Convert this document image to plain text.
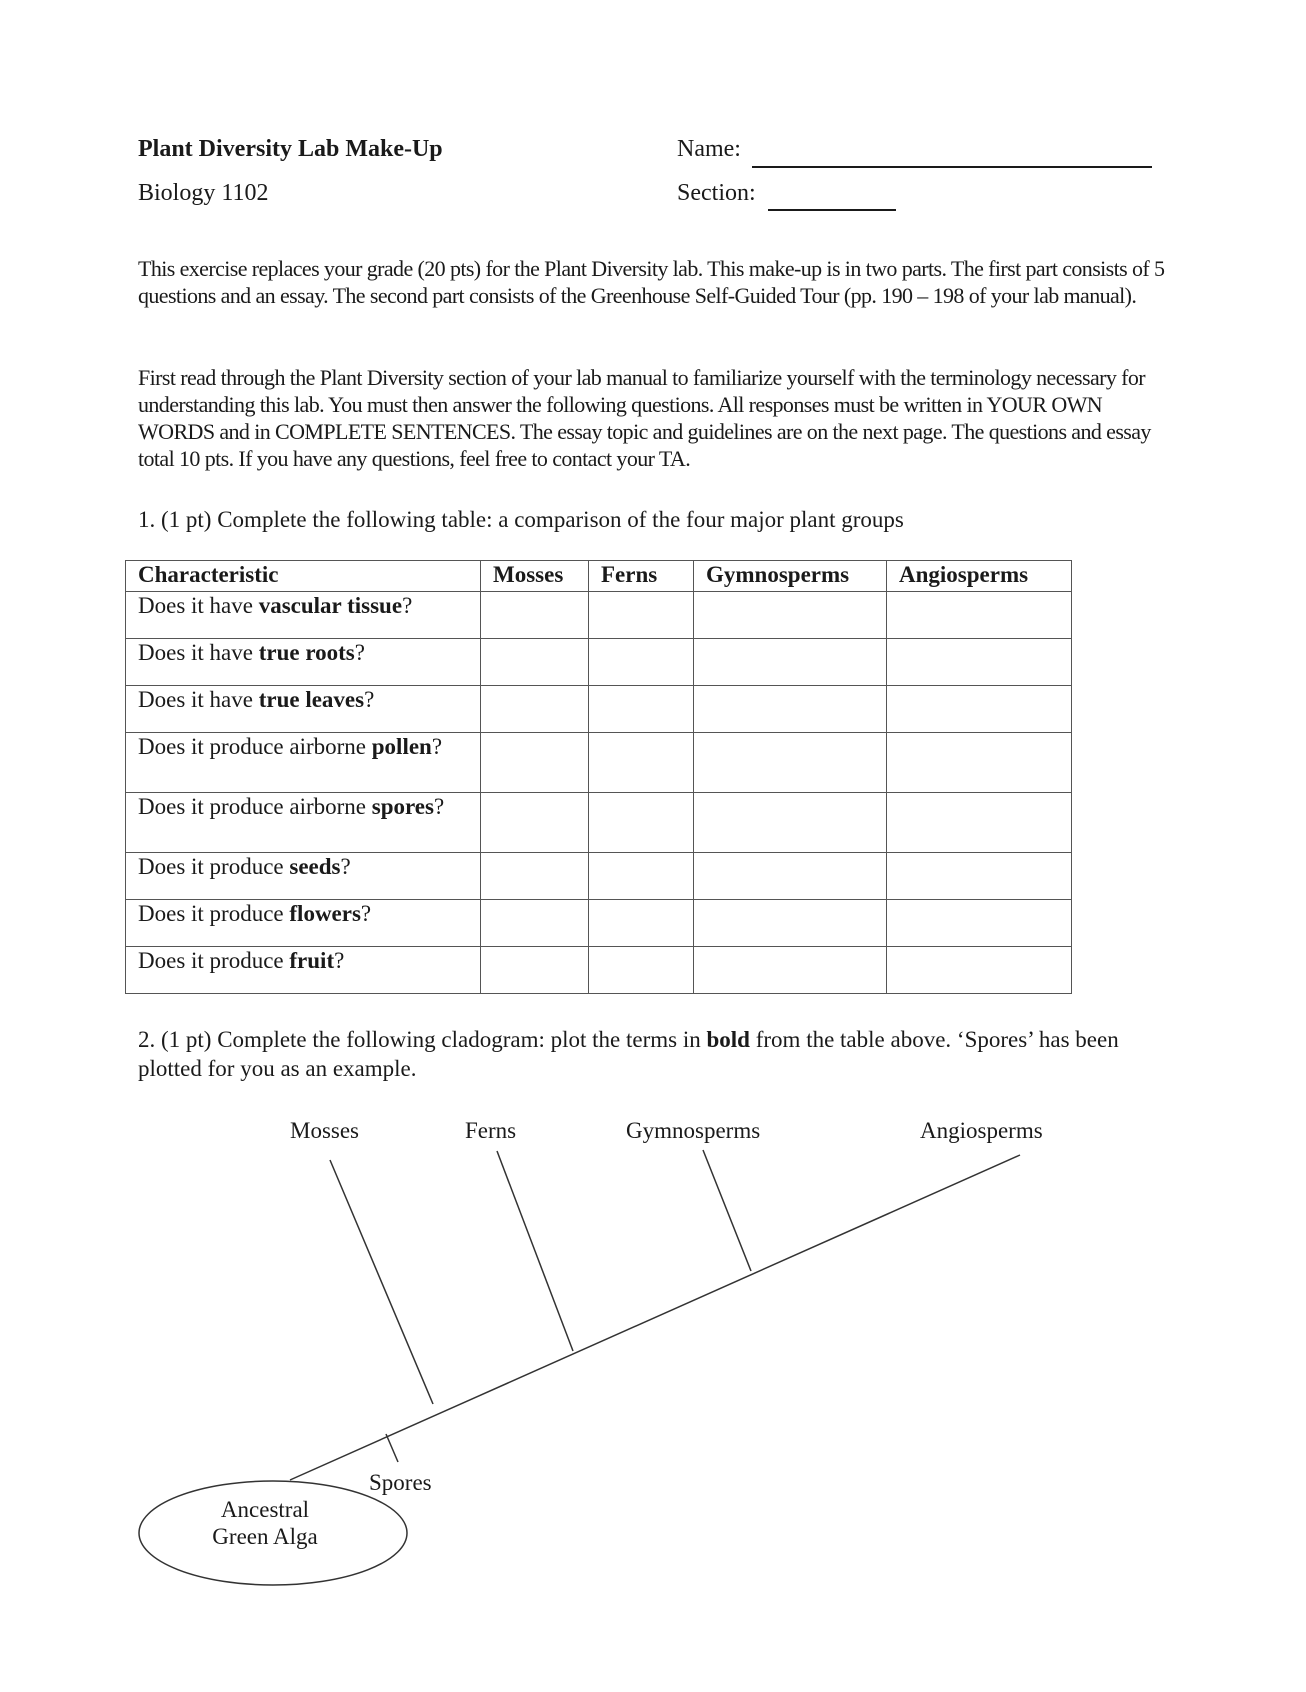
Plant Diversity Lab Make-Up
Biology 1102
Name:
Section:
This exercise replaces your grade (20 pts) for the Plant Diversity lab. This make-up is in two parts. The first part consists of 5 questions and an essay. The second part consists of the Greenhouse Self-Guided Tour (pp. 190 – 198 of your lab manual).
First read through the Plant Diversity section of your lab manual to familiarize yourself with the terminology necessary for understanding this lab. You must then answer the following questions. All responses must be written in YOUR OWN WORDS and in COMPLETE SENTENCES. The essay topic and guidelines are on the next page. The questions and essay total 10 pts. If you have any questions, feel free to contact your TA.
1. (1 pt) Complete the following table: a comparison of the four major plant groups
Characteristic	Mosses	Ferns	Gymnosperms	Angiosperms
Does it have vascular tissue?				
Does it have true roots?				
Does it have true leaves?				
Does it produce airborne pollen?				
Does it produce airborne spores?				
Does it produce seeds?				
Does it produce flowers?				
Does it produce fruit?				
2. (1 pt) Complete the following cladogram: plot the terms in bold from the table above. ‘Spores’ has been plotted for you as an example.
Mosses	Ferns	Gymnosperms	Angiosperms
Spores
Ancestral
Green Alga
